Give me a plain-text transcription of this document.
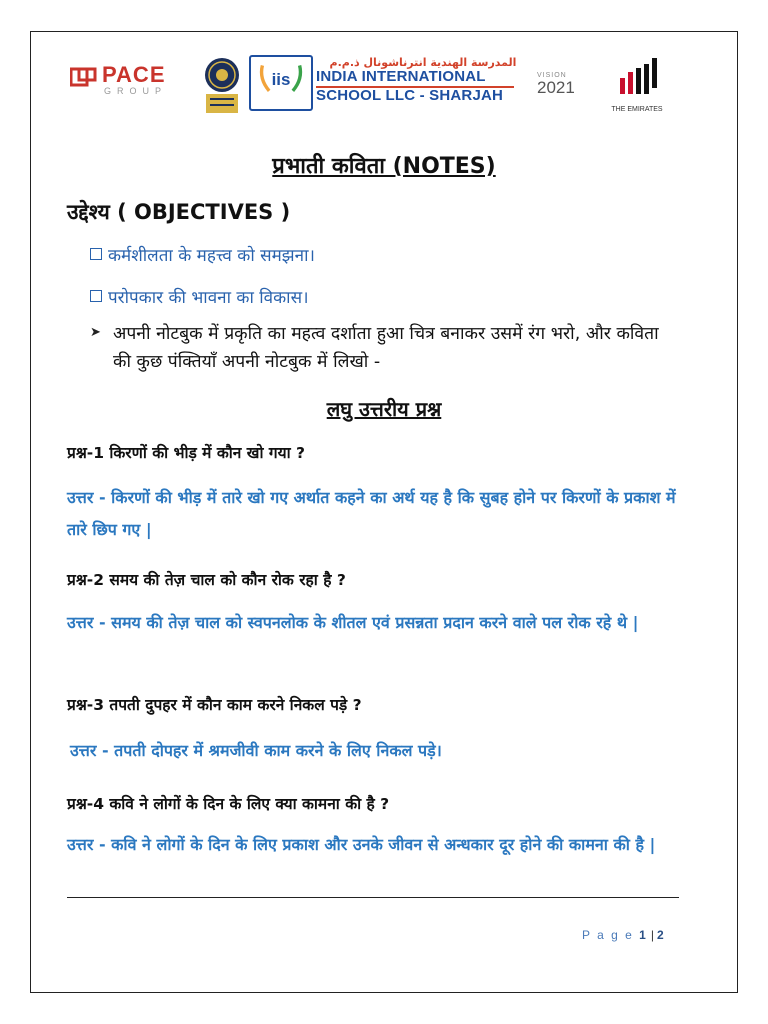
PACE
GROUP
iis
المدرسة الهندية انترناشونال ذ.م.م
INDIA INTERNATIONAL
SCHOOL LLC - SHARJAH
VISION
2021
THE EMIRATES
प्रभाती कविता (NOTES)
उद्देश्य ( OBJECTIVES )
कर्मशीलता के महत्त्व को समझना।
परोपकार की भावना का विकास।
➤ अपनी नोटबुक में प्रकृति का महत्व दर्शाता हुआ चित्र बनाकर उसमें रंग भरो, और कविता की कुछ पंक्तियाँ अपनी नोटबुक में लिखो -
लघु उत्तरीय प्रश्न
प्रश्न-1 किरणों की भीड़ में कौन खो गया ?
उत्तर - किरणों की भीड़ में तारे खो गए अर्थात कहने का अर्थ यह है कि सुबह होने पर किरणों के प्रकाश में तारे छिप गए |
प्रश्न-2 समय की तेज़ चाल को कौन रोक रहा है ?
उत्तर - समय की तेज़ चाल को स्वपनलोक के शीतल एवं प्रसन्नता प्रदान करने वाले पल रोक रहे थे |
प्रश्न-3 तपती दुपहर में कौन काम करने निकल पड़े ?
उत्तर - तपती दोपहर में श्रमजीवी काम करने के लिए निकल पड़े।
प्रश्न-4 कवि ने लोगों के दिन के लिए क्या कामना की है ?
उत्तर - कवि ने लोगों के दिन के लिए प्रकाश और उनके जीवन से अन्धकार दूर होने की कामना की है |
P a g e 1 | 2
